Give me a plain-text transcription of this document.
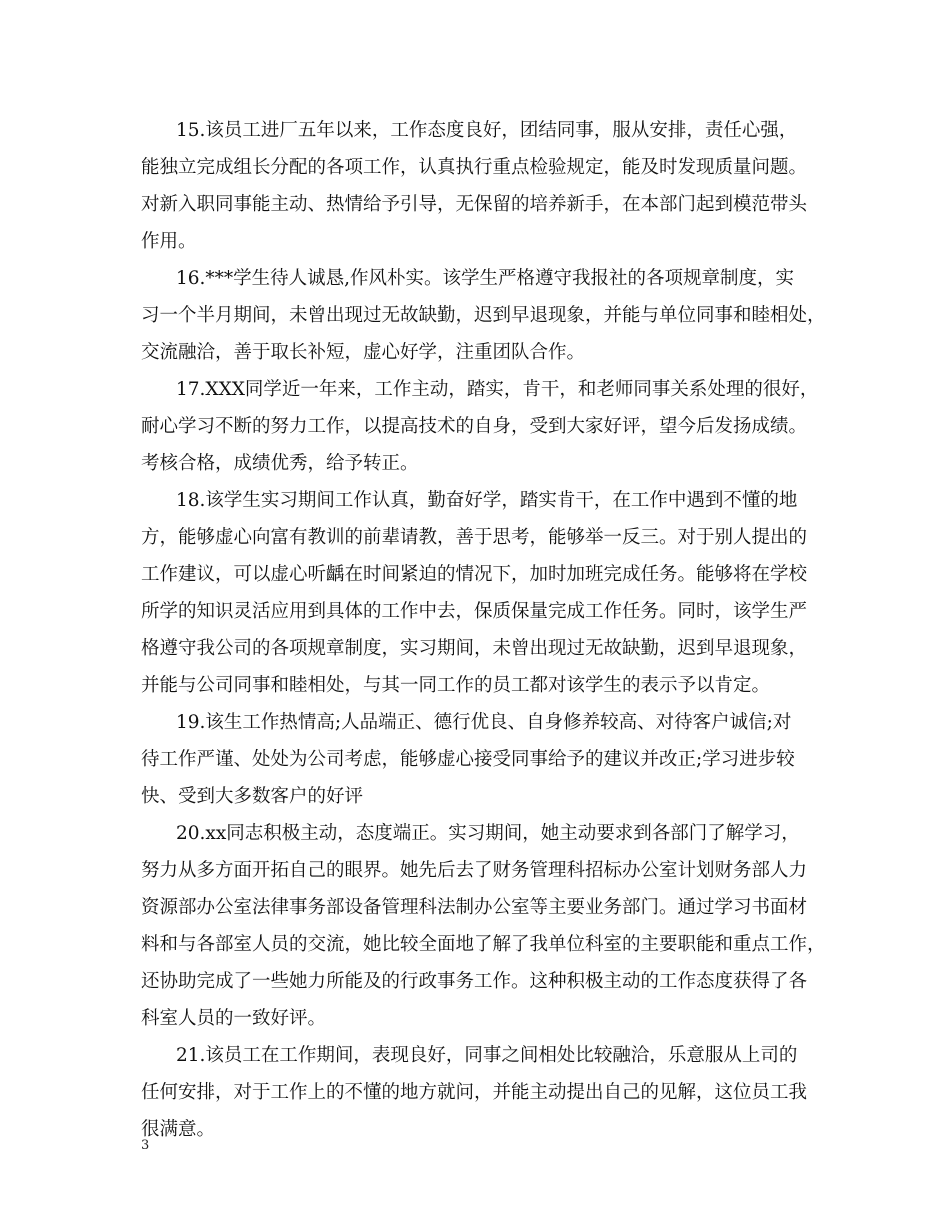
15.该员工进厂五年以来，工作态度良好，团结同事，服从安排，责任心强，
能独立完成组长分配的各项工作，认真执行重点检验规定，能及时发现质量问题。
对新入职同事能主动、热情给予引导，无保留的培养新手，在本部门起到模范带头
作用。
16.***学生待人诚恳,作风朴实。该学生严格遵守我报社的各项规章制度，实
习一个半月期间，未曾出现过无故缺勤，迟到早退现象，并能与单位同事和睦相处，
交流融洽，善于取长补短，虚心好学，注重团队合作。
17.XXX同学近一年来，工作主动，踏实，肯干，和老师同事关系处理的很好，
耐心学习不断的努力工作，以提高技术的自身，受到大家好评，望今后发扬成绩。
考核合格，成绩优秀，给予转正。
18.该学生实习期间工作认真，勤奋好学，踏实肯干，在工作中遇到不懂的地
方，能够虚心向富有教训的前辈请教，善于思考，能够举一反三。对于别人提出的
工作建议，可以虚心听齲在时间紧迫的情况下，加时加班完成任务。能够将在学校
所学的知识灵活应用到具体的工作中去，保质保量完成工作任务。同时，该学生严
格遵守我公司的各项规章制度，实习期间，未曾出现过无故缺勤，迟到早退现象，
并能与公司同事和睦相处，与其一同工作的员工都对该学生的表示予以肯定。
19.该生工作热情高;人品端正、德行优良、自身修养较高、对待客户诚信;对
待工作严谨、处处为公司考虑，能够虚心接受同事给予的建议并改正;学习进步较
快、受到大多数客户的好评
20.xx同志积极主动，态度端正。实习期间，她主动要求到各部门了解学习，
努力从多方面开拓自己的眼界。她先后去了财务管理科招标办公室计划财务部人力
资源部办公室法律事务部设备管理科法制办公室等主要业务部门。通过学习书面材
料和与各部室人员的交流，她比较全面地了解了我单位科室的主要职能和重点工作，
还协助完成了一些她力所能及的行政事务工作。这种积极主动的工作态度获得了各
科室人员的一致好评。
21.该员工在工作期间，表现良好，同事之间相处比较融洽，乐意服从上司的
任何安排，对于工作上的不懂的地方就问，并能主动提出自己的见解，这位员工我
很满意。
3
